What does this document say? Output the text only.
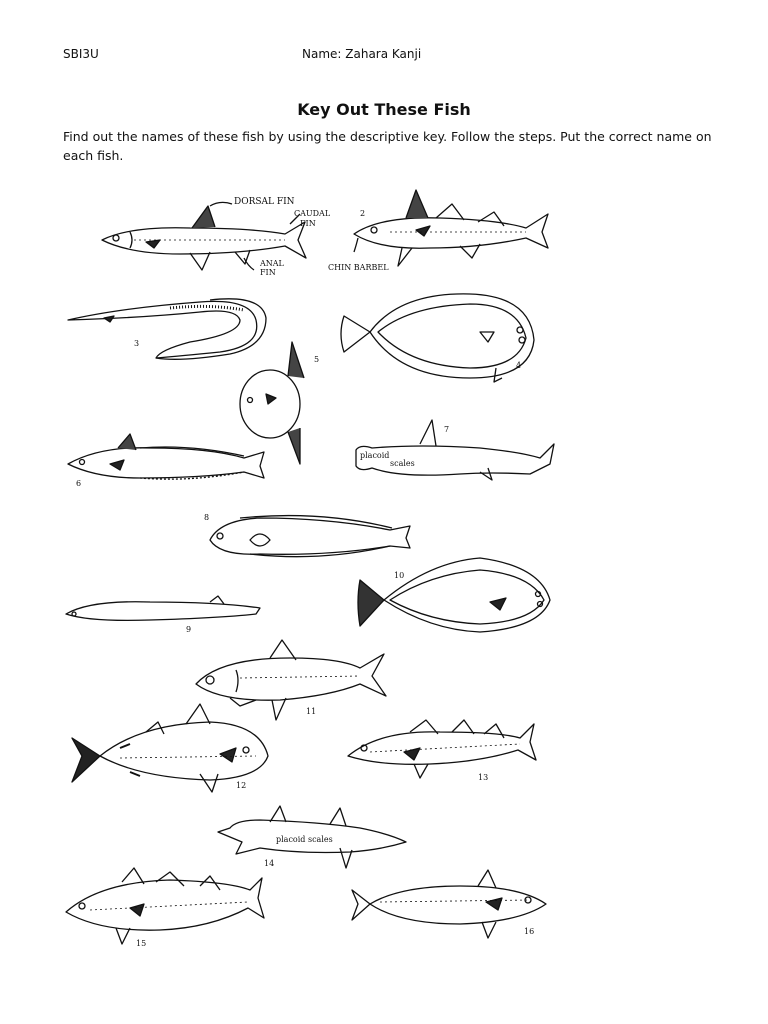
SBI3U	Name: Zahara Kanji
Key Out These Fish
Find out the names of these fish by using the descriptive key. Follow the steps. Put the correct name on each fish.
DORSAL FIN
CAUDAL
FIN
ANAL
FIN
2
CHIN BARBEL
3
4
5
6
7
placoid
scales
8
9
10
11
12
13
14
placoid scales
15
16
